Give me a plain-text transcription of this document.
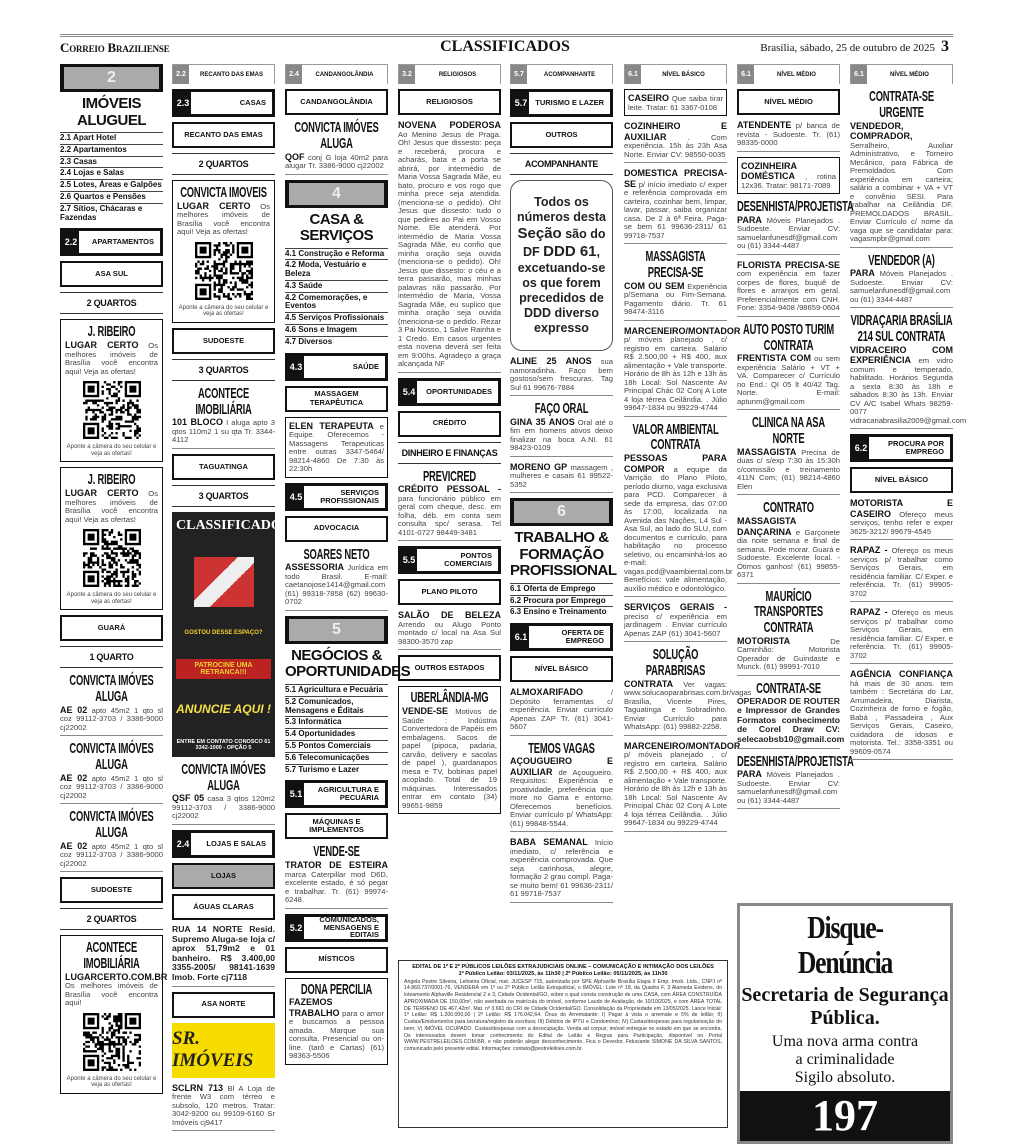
Correio Braziliense	CLASSIFICADOS	Brasília, sábado, 25 de outubro de 2025 3
2
IMÓVEIS ALUGUEL
2.1 Apart Hotel
2.2 Apartamentos
2.3 Casas
2.4 Lojas e Salas
2.5 Lotes, Áreas e Galpões
2.6 Quartos e Pensões
2.7 Sítios, Chácaras e Fazendas
2.2	APARTAMENTOS
ASA SUL
2 QUARTOS
J. RIBEIRO
LUGAR CERTO Os melhores imóveis de Brasília você encontra aqui! Veja as ofertas!
Aponte a câmera do seu celular e veja as ofertas!
J. RIBEIRO
LUGAR CERTO Os melhores imóveis de Brasília você encontra aqui! Veja as ofertas!
Aponte a câmera do seu celular e veja as ofertas!
GUARÁ
1 QUARTO
CONVICTA IMÓVES ALUGA
AE 02 apto 45m2 1 qto sl coz 99112-3703 / 3386-9000 cj22002
CONVICTA IMÓVES ALUGA
AE 02 apto 45m2 1 qto sl coz 99112-3703 / 3386-9000 cj22002
CONVICTA IMÓVES ALUGA
AE 02 apto 45m2 1 qto sl coz 99112-3703 / 3386-9000 cj22002
SUDOESTE
2 QUARTOS
ACONTECE IMOBILIÁRIA
LUGARCERTO.COM.BR Os melhores imóveis de Brasília você encontra aqui!
Aponte a câmera do seu celular e veja as ofertas!
2.2	RECANTO DAS EMAS
2.3	CASAS
RECANTO DAS EMAS
2 QUARTOS
CONVICTA IMOVEIS
LUGAR CERTO Os melhores imóveis de Brasília você encontra aqui! Veja as ofertas!
Aponte a câmera do seu celular e veja as ofertas!
SUDOESTE
3 QUARTOS
ACONTECE IMOBILIÁRIA
101 BLOCO I aluga apto 3 qtos 110m2 1 su qta Tr. 3344-4112
TAGUATINGA
3 QUARTOS
CLASSIFICADOS
GOSTOU DESSE ESPAÇO?
PATROCINE UMA RETRANCA!!!
ANUNCIE AQUI !
ENTRE EM CONTATO CONOSCO 61 3342-1000 - OPÇÃO 5
CONVICTA IMÓVES ALUGA
QSF 05 casa 3 qtos 120m2 99112-3703 / 3386-9000 cj22002
2.4	LOJAS E SALAS
LOJAS
ÁGUAS CLARAS
RUA 14 NORTE Resid. Supremo Aluga-se loja c/ aprox 51,79m2 e 01 banheiro. R$ 3.400,00 3355-2005/ 98141-1639 Imob. Forte cj7118
ASA NORTE
SR. IMÓVEIS
SCLRN 713 Bl A Loja de frente W3 com térreo e subsolo, 120 metros. Tratar: 3042-9200 ou 99109-6160 Sr Imóveis cj9417
2.4	CANDANGOLÂNDIA
CANDANGOLÂNDIA
CONVICTA IMÓVES ALUGA
QOF conj G loja 40m2 para alugar Tr. 3386-9000 cj22002
4
CASA & SERVIÇOS
4.1 Construção e Reforma
4.2 Moda, Vestuário e Beleza
4.3 Saúde
4.2 Comemorações, e Eventos
4.5 Serviços Profissionais
4.6 Sons e Imagem
4.7 Diversos
4.3	SAÚDE
MASSAGEM TERAPÊUTICA
ELEN TERAPEUTA e Equipe. Oferecemos - Massagens Terapeuticas entre outras 3347-5464/ 98214-4860 De 7:30 às 22:30h
4.5	SERVIÇOS PROFISSIONAIS
ADVOCACIA
SOARES NETO
ASSESSORIA Jurídica em todo Brasil. E-mail: caetanojose1414@gmail.com (61) 99318-7858 (62) 99630-0702
5
NEGÓCIOS & OPORTUNIDADES
5.1 Agricultura e Pecuária
5.2 Comunicados, Mensagens e Éditais
5.3 Informática
5.4 Oportunidades
5.5 Pontos Comerciais
5.6 Telecomunicações
5.7 Turismo e Lazer
5.1	AGRICULTURA E PECUÁRIA
MÁQUINAS E IMPLEMENTOS
VENDE-SE
TRATOR DE ESTEIRA marca Caterpillar mod D6D, excelente estado, é só pegar e trabalhar. Tr. (61) 99974-6248.
5.2
COMUNICADOS, MENSAGENS E EDITAIS
MÍSTICOS
DONA PERCILIA
FAZEMOS TRABALHO para o amor e buscamos a pessoa amada. Marque sua consulta. Presencial ou on-line. (tarô e Cartas) (61) 98363-5506
3.2	RELIGIOSOS
RELIGIOSOS
NOVENA PODEROSA Ao Menino Jesus de Praga. Oh! Jesus que dissesto: peça e receberá, procura e acharás, bata e a porta se abrirá, por intermédio de Maria Vossa Sagrada Mãe, eu bato, procuro e vos rogo que minha prece seja atendida. (menciona-se o pedido). Oh! Jesus que dissesto: tudo o que pedires ao Pai em Vosso Nome. Ele atenderá. Por intermédio de Maria Vossa Sagrada Mãe, eu confio que minha oração seja ouvida (menciona-se o pedido). Oh! Jesus que dissesto: o céu e a terra passarão, mas minhas palavras não passarão. Por intermédio de Maria, Vossa Sagrada Mãe, eu suplico que minha oração seja ouvida (menciona-se o pedido. Rezar 3 Pai Nosso, 1 Salve Rainha e 1 Credo. Em casos urgentes esta novena deverá ser feita em 9:00hs. Agradeço a graça alcançada NF
5.4	OPORTUNIDADES
CRÉDITO
DINHEIRO E FINANÇAS
PREVICRED
CRÉDITO PESSOAL - para funcionário público em geral com cheque, desc. em folha, déb. em conta sem consulta spc/ serasa. Tel 4101-0727 98449-3481
5.5	PONTOS COMERCIAIS
PLANO PILOTO
SALÃO DE BELEZA Arrendo ou Alugo Ponto montado c/ local na Asa Sul 98300-3570 zap
OUTROS ESTADOS
UBERLÂNDIA-MG
VENDE-SE Motivos de Saúde : Indústria Convertedora de Papéis em embalagens. Sacos de papel (pipoca, padaria, carvão, delivery e sacolas de papel ), guardanapos mesa e TV, bobinas papel acoplado. Total de 19 máquinas. Interessados entrar em contato (34) 99651-9859
5.7	ACOMPANHANTE
5.7	TURISMO E LAZER
OUTROS
ACOMPANHANTE
Todos os números desta Seção são do DF DDD 61, excetuando-se os que forem precedidos de DDD diverso expresso
ALINE 25 ANOS sua namoradinha. Faço bem gostoso/sem frescuras. Tag Sul 61 99676-7884
FAÇO ORAL
GINA 35 ANOS Oral até o fim em homens ativos deixo finalizar na boca A.NI. 61 98423-0109
MORENO GP massagem , mulheres e casais 61 99522-5352
6
TRABALHO & FORMAÇÃO PROFISSIONAL
6.1 Oferta de Emprego
6.2 Procura por Emprego
6.3 Ensino e Treinamento
6.1	OFERTA DE EMPREGO
NÍVEL BÁSICO
ALMOXARIFADO	/ Depósito ferramentas c/ experiência. Enviar currículo Apenas ZAP Tr. (61) 3041-5607
TEMOS VAGAS
AÇOUGUEIRO E AUXILIAR de Açougueiro. Requisitos: Experiência e proatividade, preferência que more no Gama e entorno. Oferecemos benefícios. Enviar currículo p/ WhatsApp: (61) 99848-5544.
BABA SEMANAL Início imediato, c/ referência e experiência comprovada. Que seja carinhosa, alegre, formação 2 grau compl. Paga-se muito bem! 61 99636-2311/ 61 99718-7537
6.1	NÍVEL BÁSICO
CASEIRO Que saiba tirar leite. Tratar: 61 3367-0108
COZINHEIRO E AUXILIAR	. Com experiência. 15h às 23h Asa Norte. Enviar CV: 98550-0035
DOMESTICA PRECISA-SE p/ início imediato c/ exper e referência comprovada em carteira, cozinhar bem, limpar, lavar, passar, saiba organizar casa. De 2 à 6ª Feira. Paga-se bem 61 99636-2311/ 61 99718-7537
MASSAGISTA PRECISA-SE
COM OU SEM Experiência p/Semana ou Fim-Semana. Pagamento diário. Tr. 61 98474-3116
MARCENEIRO/MONTADOR p/ móveis planejado , c/ registro em carteira. Salário R$ 2.500,00 + R$ 400, aux alimentação + Vale transporte. Horário de 8h às 12h e 13h às 18h Local: Sol Nascente Av Principal Chác 02 Conj A Lote 4 loja térrea Ceilândia. . Júlio 99647-1834 ou 99229-4744
VALOR AMBIENTAL CONTRATA
PESSOAS PARA COMPOR a equipe da Varrição do Plano Piloto, período diurno, vaga exclusiva para PCD. Comparecer à sede da empresa, das 07:00 às 17:00, localizada na Avenida das Nações, L4 Sul - Asa Sul, ao lado do SLU, com documentos e currículo, para habilitação no processo seletivo, ou encaminhá-los ao e-mail: vagas.pcd@vaambiental.com.br Benefícios: vale alimentação, auxílio médico e odontológico.
SERVIÇOS GERAIS - preciso c/ experiência em jardinagem . Enviar currículo Apenas ZAP (61) 3041-5607
SOLUÇÃO PARABRISAS
CONTRATA Ver vagas: www.solucaoparabrisas.com.br/vagas Brasília, Vicente Pires, Taguatinga e Sobradinho. Enviar Currículo para WhatsApp: (61) 99882-2258.
MARCENEIRO/MONTADOR p/ móveis planejado , c/ registro em carteira. Salário R$ 2.500,00 + R$ 400, aux alimentação + Vale transporte. Horário de 8h às 12h e 13h às 18h Local: Sol Nascente Av Principal Chác 02 Conj A Lote 4 loja térrea Ceilândia. . Júlio 99647-1834 ou 99229-4744
6.1	NÍVEL MÉDIO
NÍVEL MÉDIO
ATENDENTE p/ banca de revista - Sudoeste. Tr. (61) 98335-0000
COZINHEIRA DOMÉSTICA , rotina 12x36. Tratar: 98171-7089
DESENHISTA/PROJETISTA
PARA Móveis Planejados . Sudoeste. Enviar CV: samuelanfunesdf@gmail.com ou (61) 3344-4487
FLORISTA PRECISA-SE com experiência em fazer corpes de flores, buquê de flores e arranjos em geral. Preferencialmente com CNH. Fone: 3354-9408 /98659-0604
AUTO POSTO TURIM CONTRATA
FRENTISTA COM ou sem experiência Salário + VT + VA. Comparecer c/ Currículo no End.: QI 05 lt 40/42 Tag. Norte. E-mail: aptunm@gmail.com
CLINICA NA ASA NORTE
MASSAGISTA Precisa de duas c/ s/exp 7:30 às 15:30h c/comissão e treinamento 411N Com; (61) 98214-4860 Elen
CONTRATO
MASSAGISTA DANÇARINA e Garçonete dia noite semana e final de semana. Pode morar. Guará e Sudoeste. Excelente local. - Ótimos ganhos! (61) 99855-6371
MAURÍCIO TRANSPORTES CONTRATA
MOTORISTA	De Caminhão: Motorista Operador de Guindaste e Munck. (61) 99991-7010
CONTRATA-SE
OPERADOR DE ROUTER e Impressor de Grandes Formatos conhecimento de Corel Draw CV: selecaobsb10@gmail.com
DESENHISTA/PROJETISTA
PARA Móveis Planejados . Sudoeste. Enviar CV: samuelanfunesdf@gmail.com ou (61) 3344-4487
6.1	NÍVEL MÉDIO
CONTRATA-SE URGENTE
VENDEDOR, COMPRADOR, Serralheiro, Auxiliar Administrativo, e Torneiro Mecânico, para Fábrica de Premoldados. Com experiência em carteira; salário a combinar + VA + VT e convênio SESI. Para trabalhar na Ceilândia DF. PREMOLDADOS BRASIL. Enviar Currículo c/ nome da vaga que se candidatar para: vagasmpbr@gmail.com
VENDEDOR (A)
PARA Móveis Planejados . Sudoeste. Enviar CV: samuelanfunesdf@gmail.com ou (61) 3344-4487
VIDRAÇARIA BRASÍLIA 214 SUL CONTRATA
VIDRACEIRO COM EXPERIÊNCIA em vidro comum e temperado, habilitado. Horários Segunda a sexta 8:30 às 18h e sábados 8:30 às 13h. Enviar CV A/C Isabel Whats 98259-0077 vidracariabrasilia2009@gmail.com
6.2	PROCURA POR EMPREGO
NÍVEL BÁSICO
MOTORISTA E CASEIRO Ofereço meus serviços, tenho refer e exper 3625-3212/ 99679-4545
RAPAZ - Ofereço os meus serviços p/ trabalhar como Serviços Gerais, em residência familiar. C/ Exper. e referência. Tr. (61) 99905-3702
RAPAZ - Ofereço os meus serviços p/ trabalhar como Serviços Gerais, em residência familiar. C/ Exper. e referência. Tr. (61) 99905-3702
AGÊNCIA CONFIANÇA há mais de 30 anos. tem também : Secretária do Lar, Arrumadeira, Diarista, Cozinheira de forno e fogão, Babá , Passadeira , Aux Serviços Gerais, Caseiro, cuidadora de idosos e motorista. Tel.: 3358-3351 ou 99609-0574
EDITAL DE 1º E 2º PÚBLICOS LEILÕES EXTRAJUDICIAIS ONLINE – COMUNICAÇÃO E INTIMAÇÃO DOS LEILÕES
1º Público Leilão: 03/11/2025, às 11h30 | 2º Público Leilão: 05/11/2025, às 11h30
Angela Pestre Silveira, Leiloeira Oficial, mat. JUCESP 715, autorizada por SPE Alphaville Brasília Etapa II Emp. Imob. Ltda., CNPJ nº 14.869.737/0001-76, VENDERÁ em 1º ou 2º Público Leilão Extrajudicial, o IMÓVEL: Lote nº 18, da Quadra F, 3 Alameda Evidens, do loteamento Alphaville Residencial 2 e 3, Cidade Ocidental/GO, sobre o qual consta construção de uma CASA, com ÁREA CONSTRUÍDA APROXIMADA DE 150,00m², não averbada na matrícula do imóvel, conforme Laudo de Avaliação, de 10/10/2025, e com ÁREA TOTAL DE TERRENO DE 467,42m². Mat. nº 3.661 do CRI de Cidade Ocidental/GO. Consolidação da Propriedade em 13/05/2025. Lance Inicial: 1º Leilão: R$ 1.200.000,00 | 2º Leilão: R$ 176.042,64. Ônus do Arrematante: I) Pagar à vista o arremate e 5% de leilão; II) Custas/Emolumentos para lavratura/registro da escritura; III) Débitos de IPTU e Condomínio; IV) Custas/despesas para regularização do bem; V) IMÓVEL OCUPADO. Custas/despesas com a desocupação. Venda ad corpus; imóvel entregue no estado em que se encontra. Os interessados devem tomar conhecimento do Edital de Leilão e Regras para Participação, disponível no Portal WWW.PESTRELEILOES.COM.BR, e não poderão alegar desconhecimento. Fica o Devedor, Fiduciante SIMONE DA SILVA SANTOS, comunicado pelo presente edital. Informações: contato@pestreleiloes.com.br.
Disque-Denúncia
Secretaria de Segurança Pública.
Uma nova arma contra
a criminalidade
Sigilo absoluto.
197
